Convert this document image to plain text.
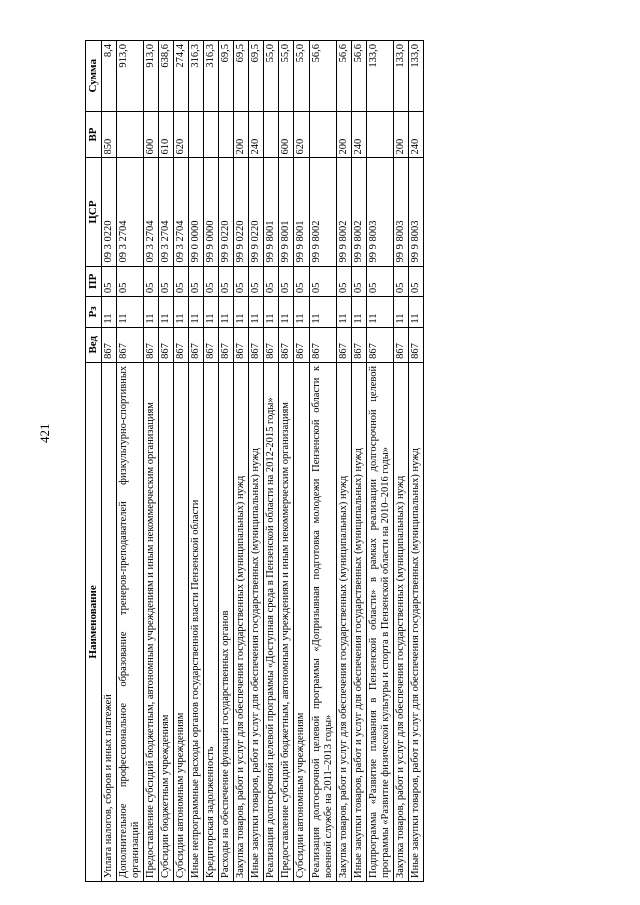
421
Наименование	Вед	Рз	ПР	ЦСР	ВР	Сумма
Уплата налогов, сборов и иных платежей	867	11	05	09 3 0220	850	8,4
Дополнительное профессиональное образование тренеров-преподавателей физкультурно-спортивных организаций	867	11	05	09 3 2704		913,0
Предоставление субсидий бюджетным, автономным учреждениям и иным некоммерческим организациям	867	11	05	09 3 2704	600	913,0
Субсидии бюджетным учреждениям	867	11	05	09 3 2704	610	638,6
Субсидии автономным учреждениям	867	11	05	09 3 2704	620	274,4
Иные непрограммные расходы органов государственной власти Пензенской области	867	11	05	99 0 0000		316,3
Кредиторская задолженность	867	11	05	99 9 0000		316,3
Расходы на обеспечение функций государственных органов	867	11	05	99 9 0220		69,5
Закупка товаров, работ и услуг для обеспечения государственных (муниципальных) нужд	867	11	05	99 9 0220	200	69,5
Иные закупки товаров, работ и услуг для обеспечения государственных (муниципальных) нужд	867	11	05	99 9 0220	240	69,5
Реализация долгосрочной целевой программы «Доступная среда в Пензенской области на 2012-2015 годы»	867	11	05	99 9 8001		55,0
Предоставление субсидий бюджетным, автономным учреждениям и иным некоммерческим организациям	867	11	05	99 9 8001	600	55,0
Субсидии автономным учреждениям	867	11	05	99 9 8001	620	55,0
Реализация долгосрочной целевой программы «Допризывная подготовка молодежи Пензенской области к военной службе на 2011–2013 годы»	867	11	05	99 9 8002		56,6
Закупка товаров, работ и услуг для обеспечения государственных (муниципальных) нужд	867	11	05	99 9 8002	200	56,6
Иные закупки товаров, работ и услуг для обеспечения государственных (муниципальных) нужд	867	11	05	99 9 8002	240	56,6
Подпрограмма «Развитие плавания в Пензенской области» в рамках реализации долгосрочной целевой программы «Развитие физической культуры и спорта в Пензенской области на 2010–2016 годы»	867	11	05	99 9 8003		133,0
Закупка товаров, работ и услуг для обеспечения государственных (муниципальных) нужд	867	11	05	99 9 8003	200	133,0
Иные закупки товаров, работ и услуг для обеспечения государственных (муниципальных) нужд	867	11	05	99 9 8003	240	133,0
